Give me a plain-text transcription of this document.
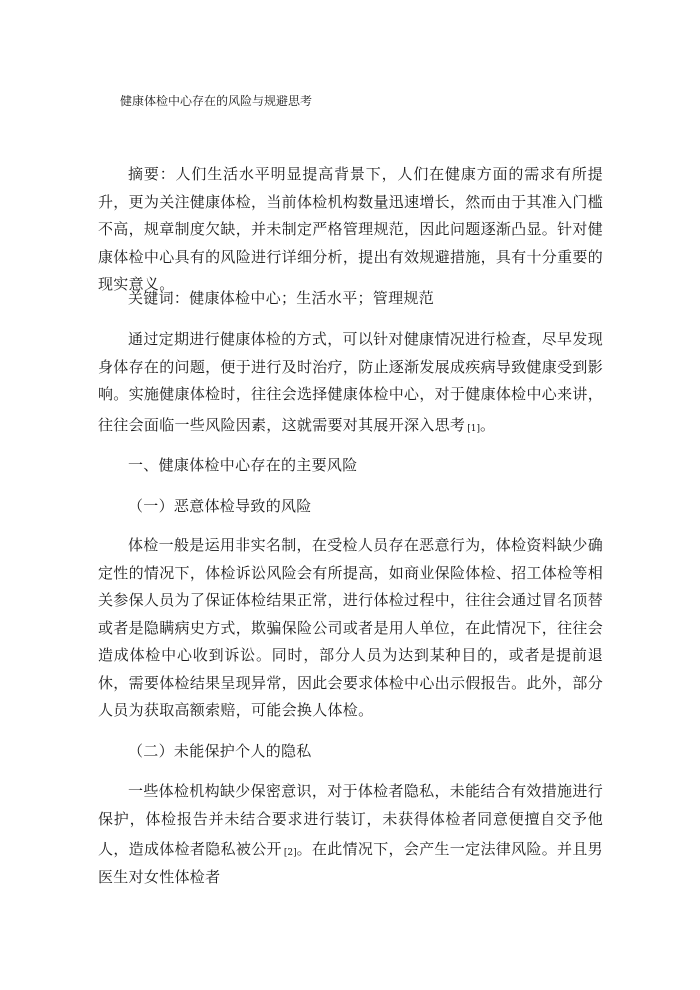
健康体检中心存在的风险与规避思考
摘要：人们生活水平明显提高背景下，人们在健康方面的需求有所提升，更为关注健康体检，当前体检机构数量迅速增长，然而由于其准入门槛不高，规章制度欠缺，并未制定严格管理规范，因此问题逐渐凸显。针对健康体检中心具有的风险进行详细分析，提出有效规避措施，具有十分重要的现实意义。
关键词：健康体检中心；生活水平；管理规范
通过定期进行健康体检的方式，可以针对健康情况进行检查，尽早发现身体存在的问题，便于进行及时治疗，防止逐渐发展成疾病导致健康受到影响。实施健康体检时，往往会选择健康体检中心，对于健康体检中心来讲，往往会面临一些风险因素，这就需要对其展开深入思考 [1]。
一、健康体检中心存在的主要风险
（一）恶意体检导致的风险
体检一般是运用非实名制，在受检人员存在恶意行为，体检资料缺少确定性的情况下，体检诉讼风险会有所提高，如商业保险体检、招工体检等相关参保人员为了保证体检结果正常，进行体检过程中，往往会通过冒名顶替或者是隐瞒病史方式，欺骗保险公司或者是用人单位，在此情况下，往往会造成体检中心收到诉讼。同时，部分人员为达到某种目的，或者是提前退休，需要体检结果呈现异常，因此会要求体检中心出示假报告。此外，部分人员为获取高额索赔，可能会换人体检。
（二）未能保护个人的隐私
一些体检机构缺少保密意识，对于体检者隐私，未能结合有效措施进行保护，体检报告并未结合要求进行装订，未获得体检者同意便擅自交予他人，造成体检者隐私被公开 [2]。在此情况下，会产生一定法律风险。并且男医生对女性体检者
